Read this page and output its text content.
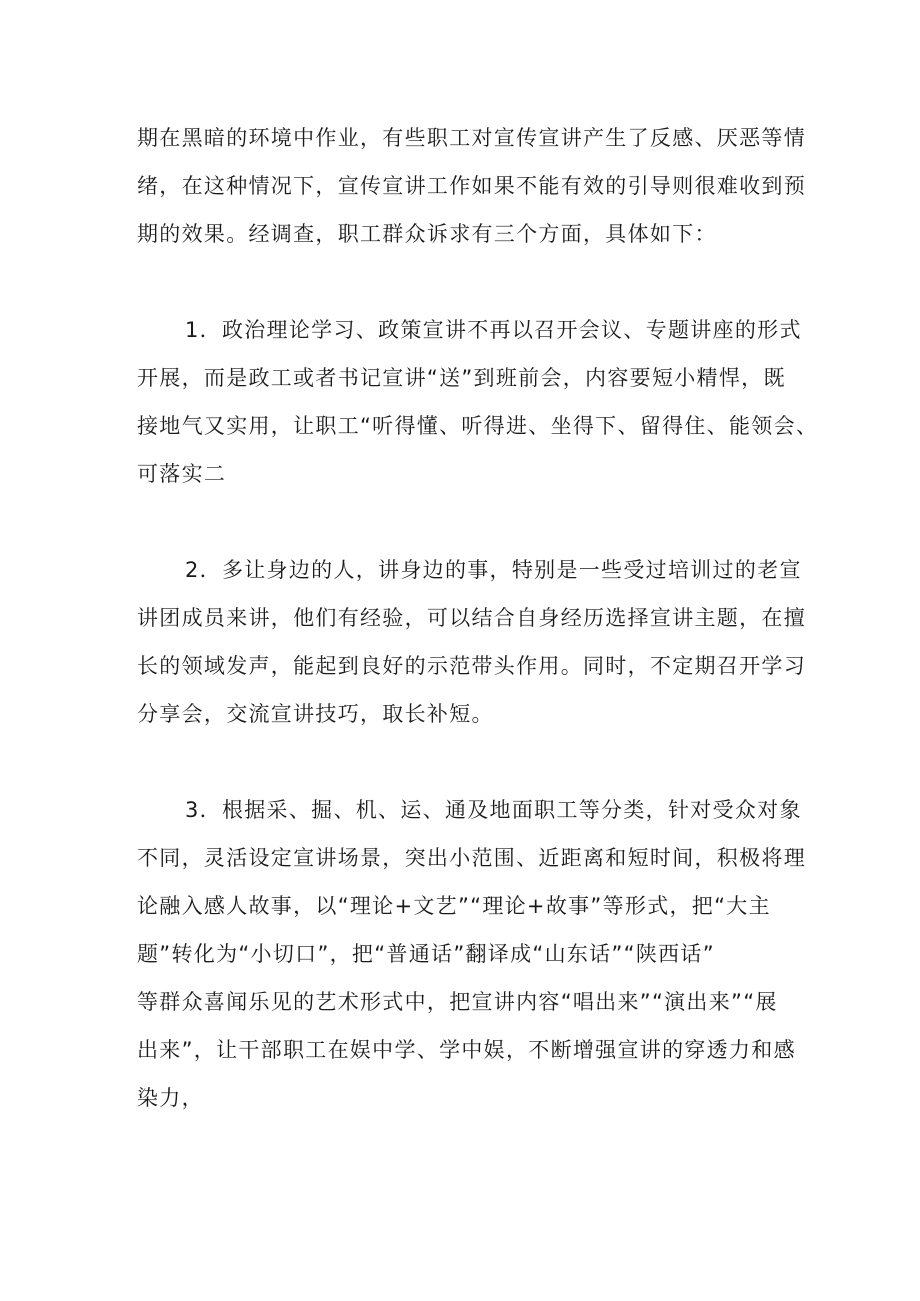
期在黑暗的环境中作业，有些职工对宣传宣讲产生了反感、厌恶等情
绪，在这种情况下，宣传宣讲工作如果不能有效的引导则很难收到预
期的效果。经调查，职工群众诉求有三个方面，具体如下：
1．政治理论学习、政策宣讲不再以召开会议、专题讲座的形式
开展，而是政工或者书记宣讲“送”到班前会，内容要短小精悍，既
接地气又实用，让职工“听得懂、听得进、坐得下、留得住、能领会、
可落实二
2．多让身边的人，讲身边的事，特别是一些受过培训过的老宣
讲团成员来讲，他们有经验，可以结合自身经历选择宣讲主题，在擅
长的领域发声，能起到良好的示范带头作用。同时，不定期召开学习
分享会，交流宣讲技巧，取长补短。
3．根据采、掘、机、运、通及地面职工等分类，针对受众对象
不同，灵活设定宣讲场景，突出小范围、近距离和短时间，积极将理
论融入感人故事，以“理论+文艺”“理论+故事”等形式，把“大主
题”转化为“小切口”，把“普通话”翻译成“山东话”“陕西话”
等群众喜闻乐见的艺术形式中，把宣讲内容“唱出来”“演出来”“展
出来”，让干部职工在娱中学、学中娱，不断增强宣讲的穿透力和感
染力，
